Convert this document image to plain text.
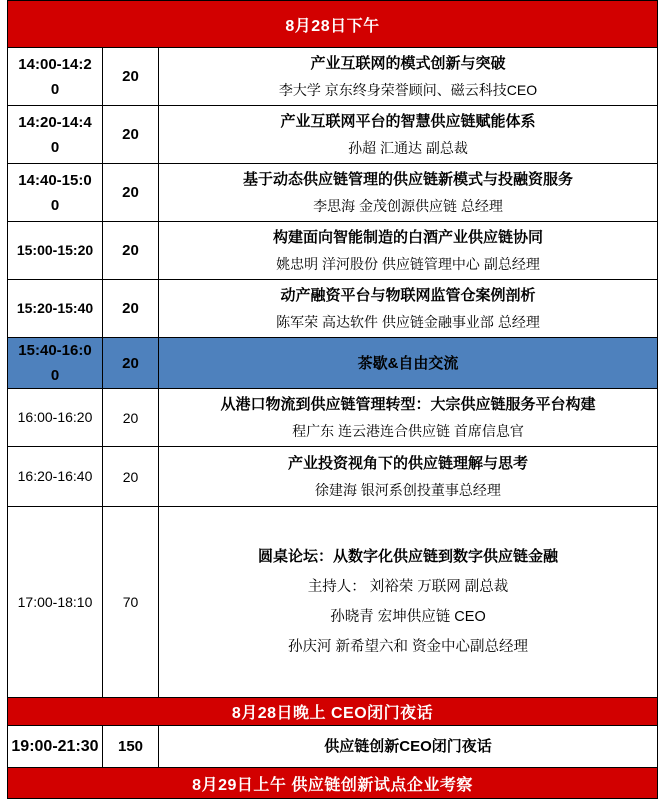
8月28日下午		
14:00-14:20	20	产业互联网的模式创新与突破
李大学 京东终身荣誉顾问、磁云科技CEO

14:20-14:40	20	产业互联网平台的智慧供应链赋能体系
孙超 汇通达 副总裁

14:40-15:00	20	基于动态供应链管理的供应链新模式与投融资服务
李思海 金茂创源供应链 总经理

15:00-15:20	20	构建面向智能制造的白酒产业供应链协同
姚忠明 洋河股份 供应链管理中心 副总经理

15:20-15:40	20	动产融资平台与物联网监管仓案例剖析
陈军荣 高达软件 供应链金融事业部 总经理

15:40-16:00	20	茶歇&自由交流

16:00-16:20	20	从港口物流到供应链管理转型：大宗供应链服务平台构建
程广东 连云港连合供应链 首席信息官

16:20-16:40	20	产业投资视角下的供应链理解与思考
徐建海 银河系创投董事总经理

17:00-18:10	70	圆桌论坛：从数字化供应链到数字供应链金融
主持人： 刘裕荣 万联网 副总裁
孙晓青 宏坤供应链 CEO
孙庆河 新希望六和 资金中心副总经理

8月28日晚上 CEO闭门夜话		
19:00-21:30	150	供应链创新CEO闭门夜话

8月29日上午 供应链创新试点企业考察		
